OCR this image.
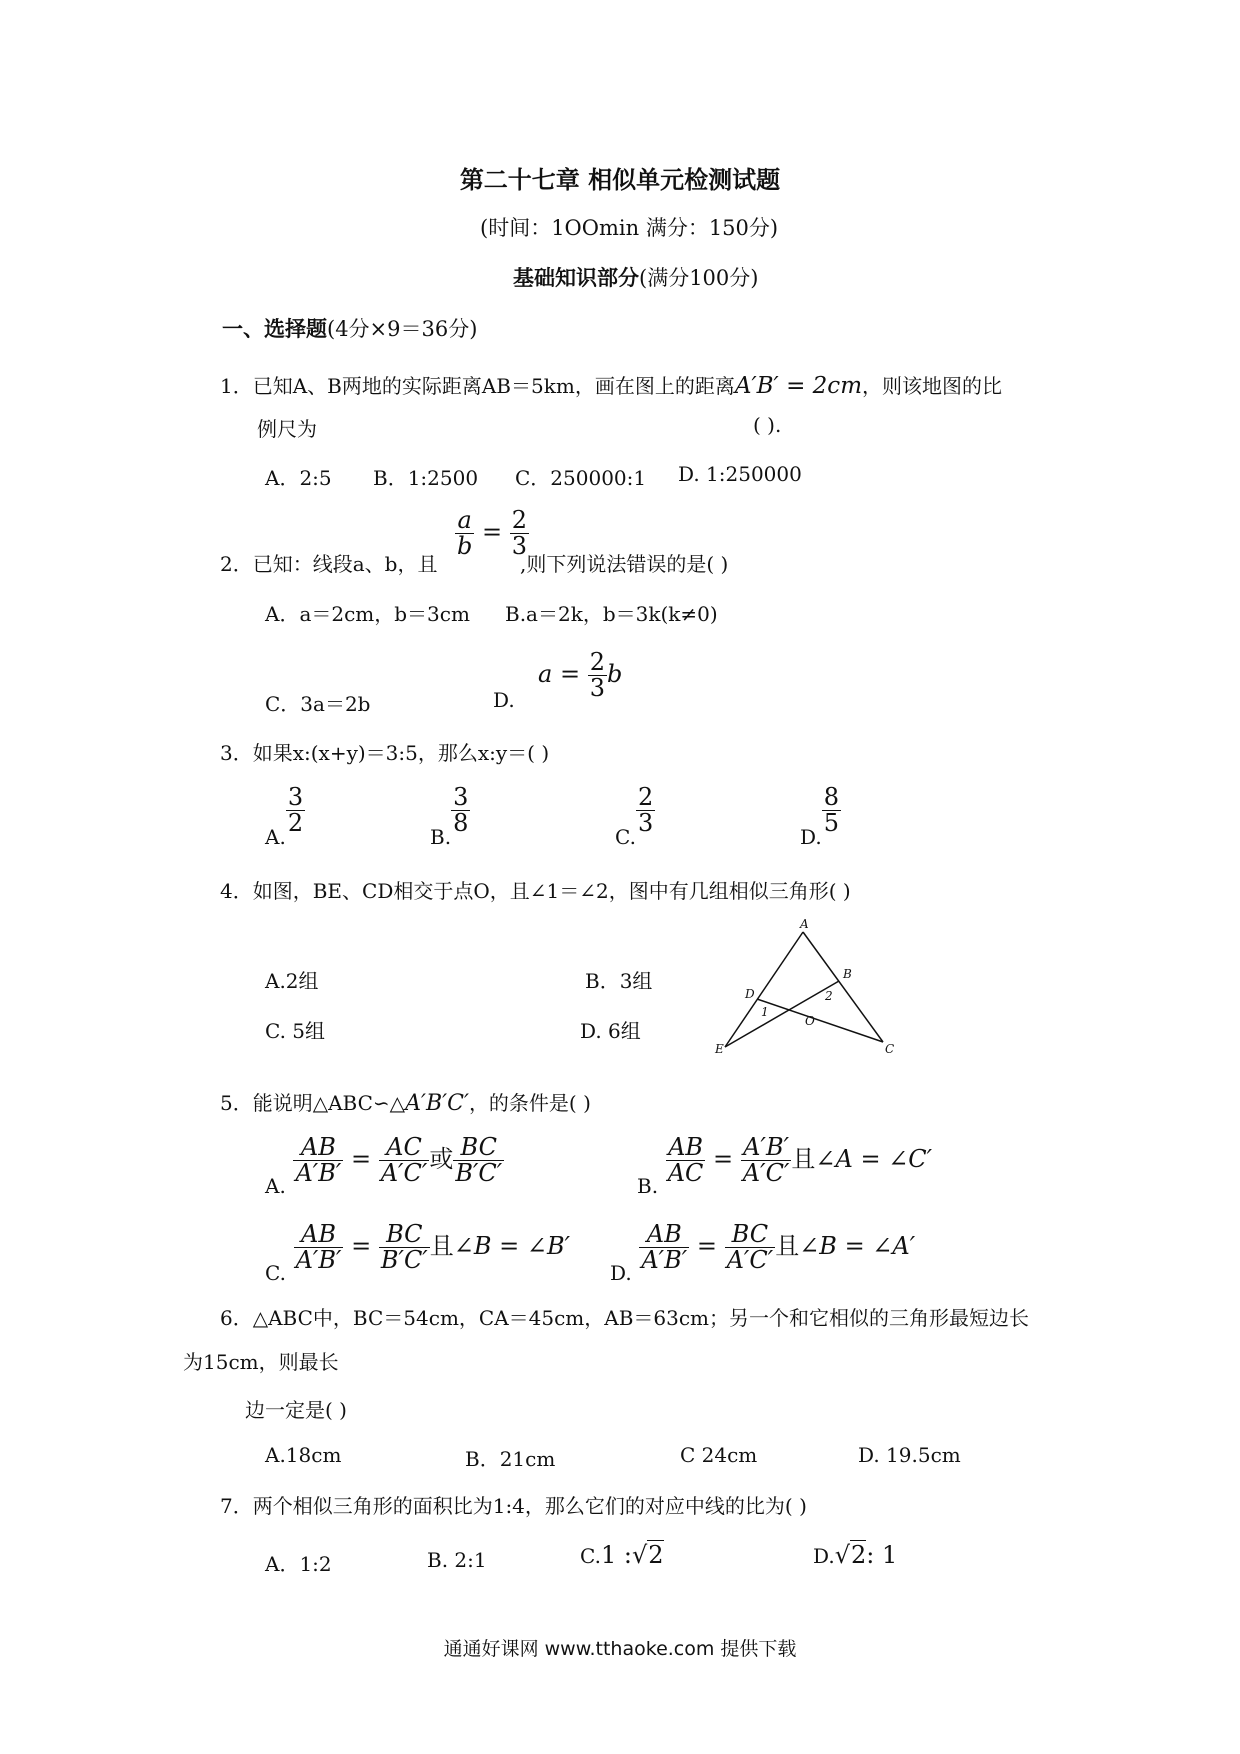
第二十七章 相似单元检测试题
(时间：1OOmin 满分：150分)
基础知识部分(满分100分)
一、选择题(4分×9＝36分)
1．已知A、B两地的实际距离AB＝5km，画在图上的距离A′B′ = 2cm，则该地图的比
例尺为	( ).
A．2:5 B．1:2500 C．250000:1 D. 1:250000
2．已知：线段a、b，且
$\frac{a}{b} = \frac{2}{3}$
,则下列说法错误的是( )
A．a＝2cm，b＝3cm B.a＝2k，b＝3k(k≠0)
C．3a＝2b	D.
$a = \frac{2}{3}$ b
3．如果x:(x+y)＝3:5，那么x:y＝( )
A.
$\frac{3}{2}$
B.
$\frac{3}{8}$
C.
$\frac{2}{3}$
D.
$\frac{8}{5}$
4．如图，BE、CD相交于点O，且∠1＝∠2，图中有几组相似三角形( )
A.2组	B．3组
C. 5组	D. 6组
A
B
C
D
E
O
1
2
5．能说明△ABC∽△A′B′C′，的条件是( )
$_{A.} \frac{AB}{A'B'} = \frac{AC}{A'C'}$ 或 $\frac{BC}{B'C'}$	$_{B.} \frac{AB}{AC} = \frac{A'B'}{A'C'}$ 且∠A = ∠C′
$_{C.} \frac{AB}{A'B'} = \frac{BC}{B'C'}$ 且∠B = ∠B′
$_{D.} \frac{AB}{A'B'} = \frac{BC}{A'C'}$ 且∠B = ∠A′
6．△ABC中，BC＝54cm，CA＝45cm，AB＝63cm；另一个和它相似的三角形最短边长
为15cm，则最长
边一定是( )
A.18cm	B．21cm	C 24cm	D. 19.5cm
7．两个相似三角形的面积比为1:4，那么它们的对应中线的比为( )
A．1:2	B. 2:1	C.1 :√2	D.√2: 1
通通好课网 www.tthaoke.com 提供下载
